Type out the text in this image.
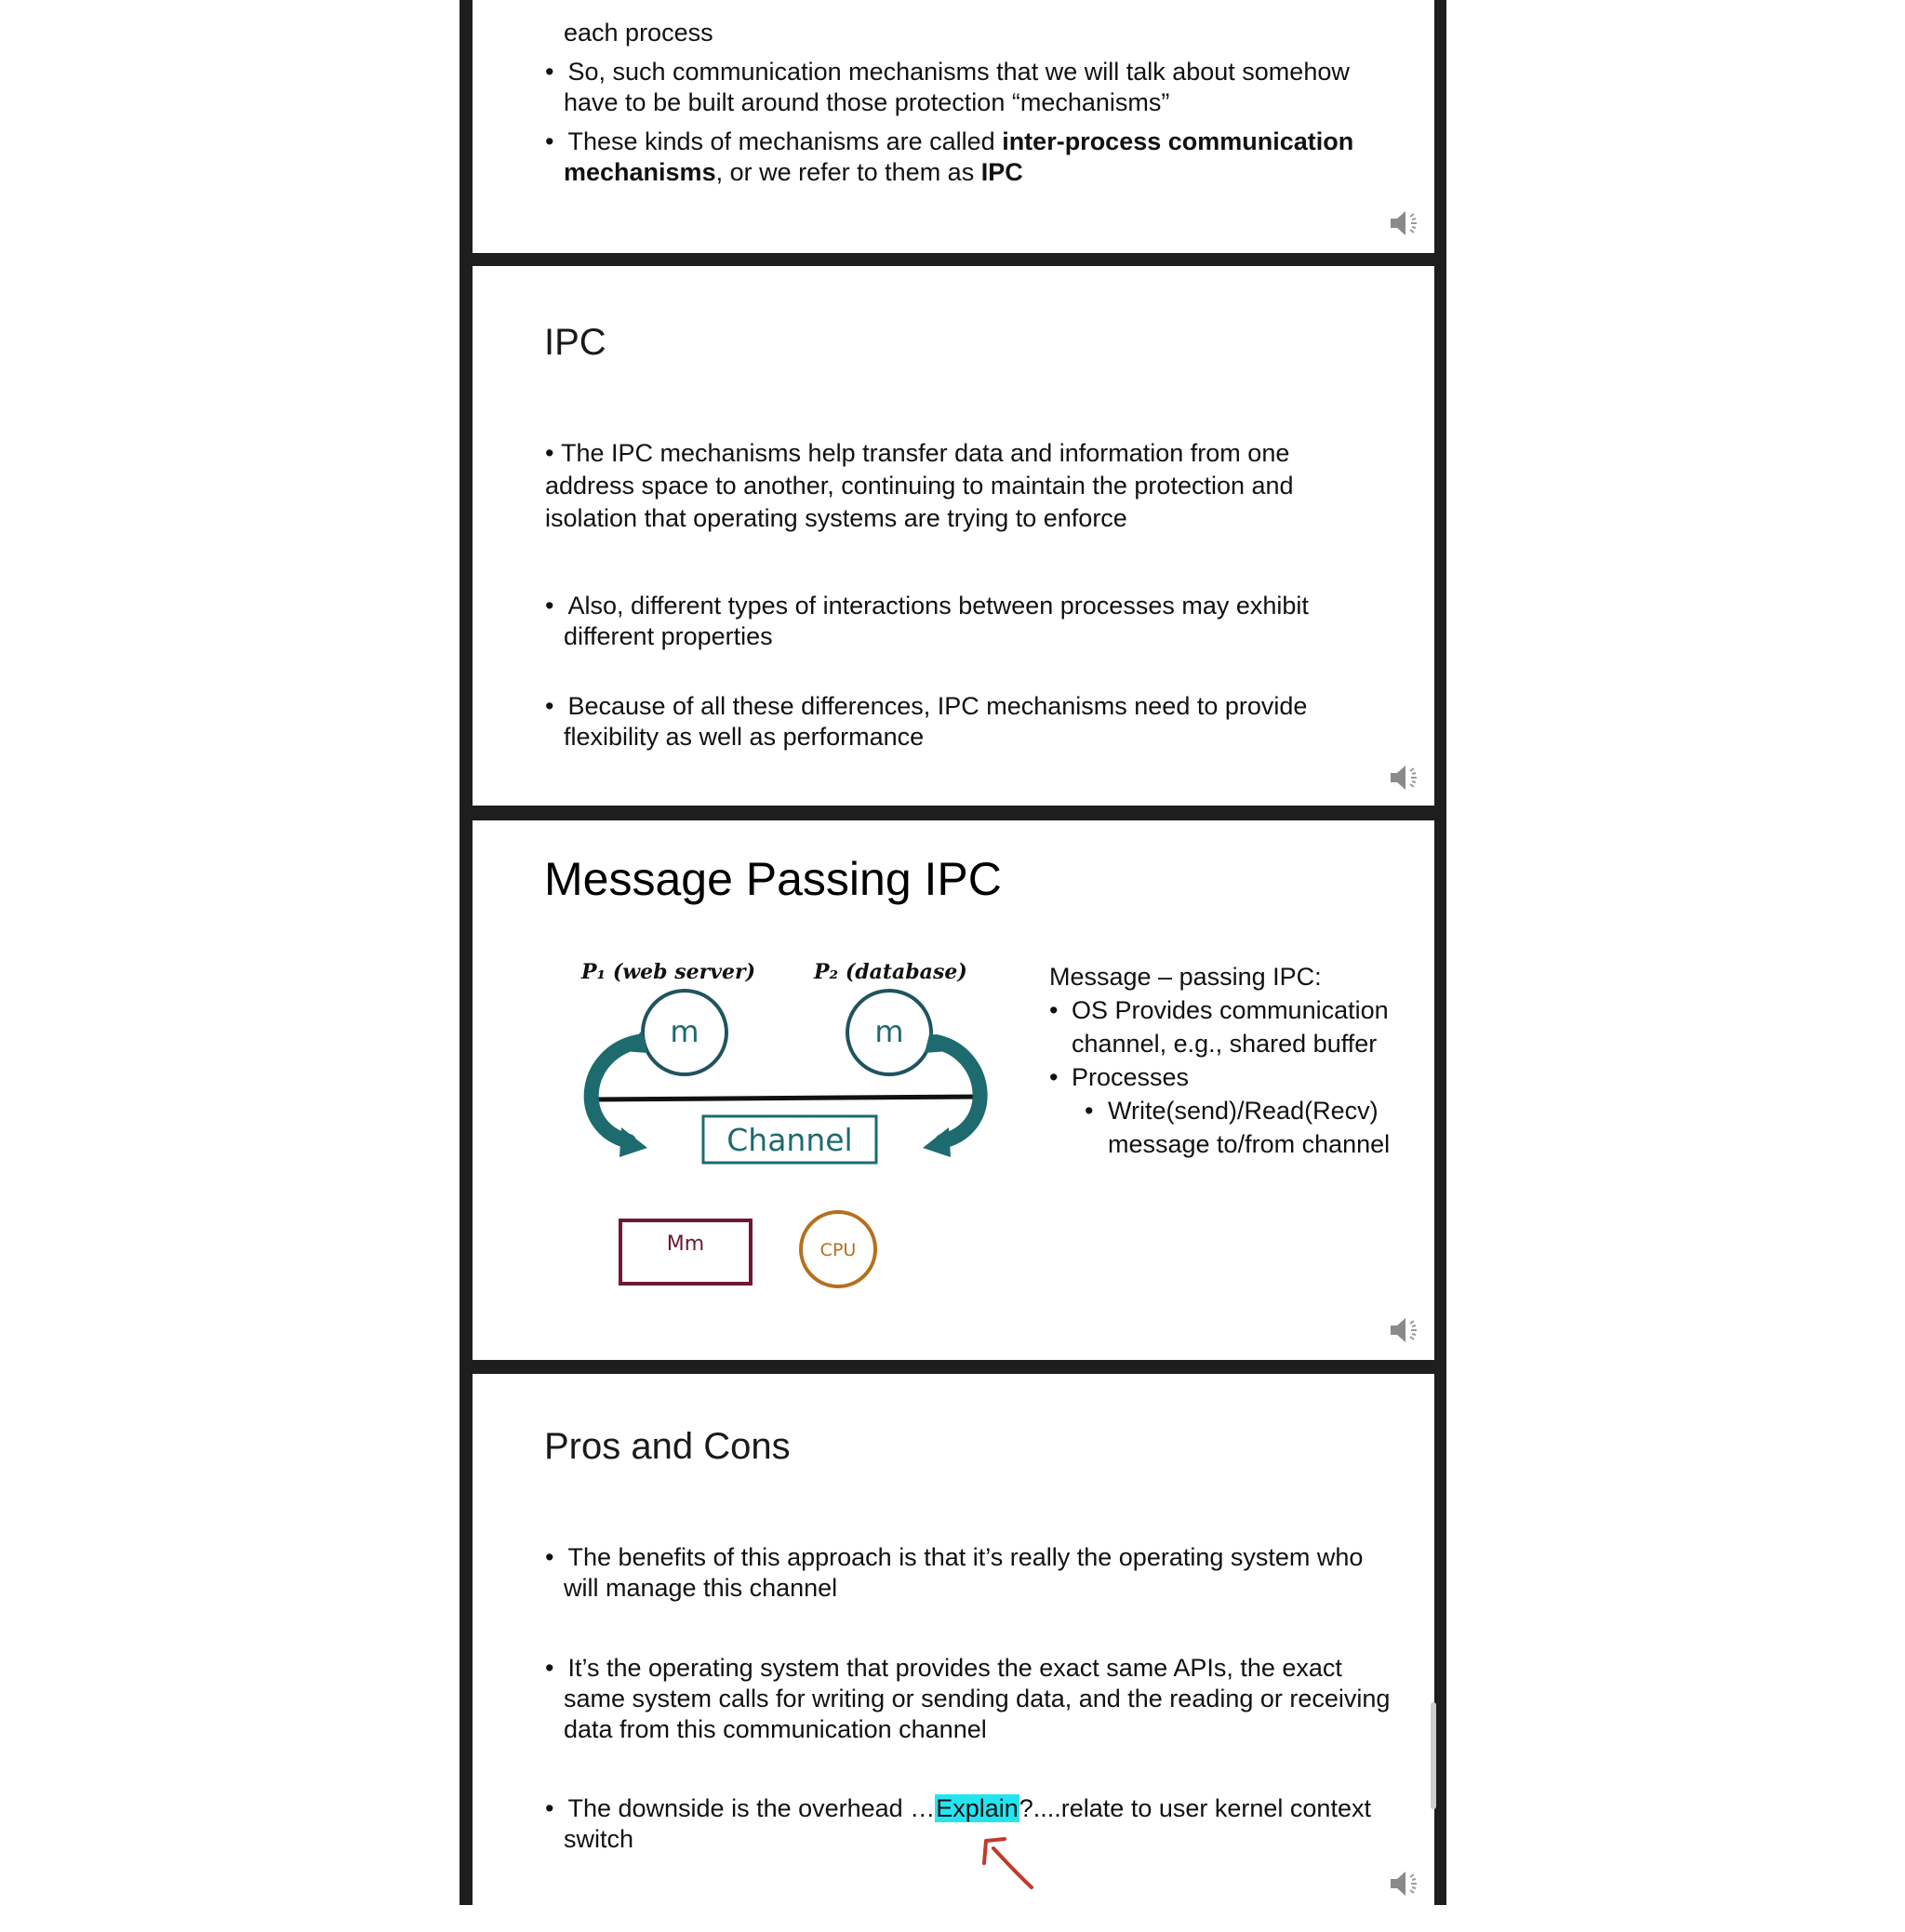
each process

•  So, such communication mechanisms that we will talk about somehow have to be built around those protection “mechanisms”

•  These kinds of mechanisms are called inter-process communication mechanisms, or we refer to them as IPC

IPC

• The IPC mechanisms help transfer data and information from one address space to another, continuing to maintain the protection and isolation that operating systems are trying to enforce

•  Also, different types of interactions between processes may exhibit different properties

•  Because of all these differences, IPC mechanisms need to provide flexibility as well as performance

Message Passing IPC
P₁ (web server)	P₂ (database)
m	m
Channel
Mm	CPU
Message – passing IPC:
• OS Provides communication channel, e.g., shared buffer
• Processes
• Write(send)/Read(Recv) message to/from channel
Pros and Cons

•  The benefits of this approach is that it’s really the operating system who will manage this channel

•  It’s the operating system that provides the exact same APIs, the exact same system calls for writing or sending data, and the reading or receiving data from this communication channel

•  The downside is the overhead …Explain?....relate to user kernel context switch
